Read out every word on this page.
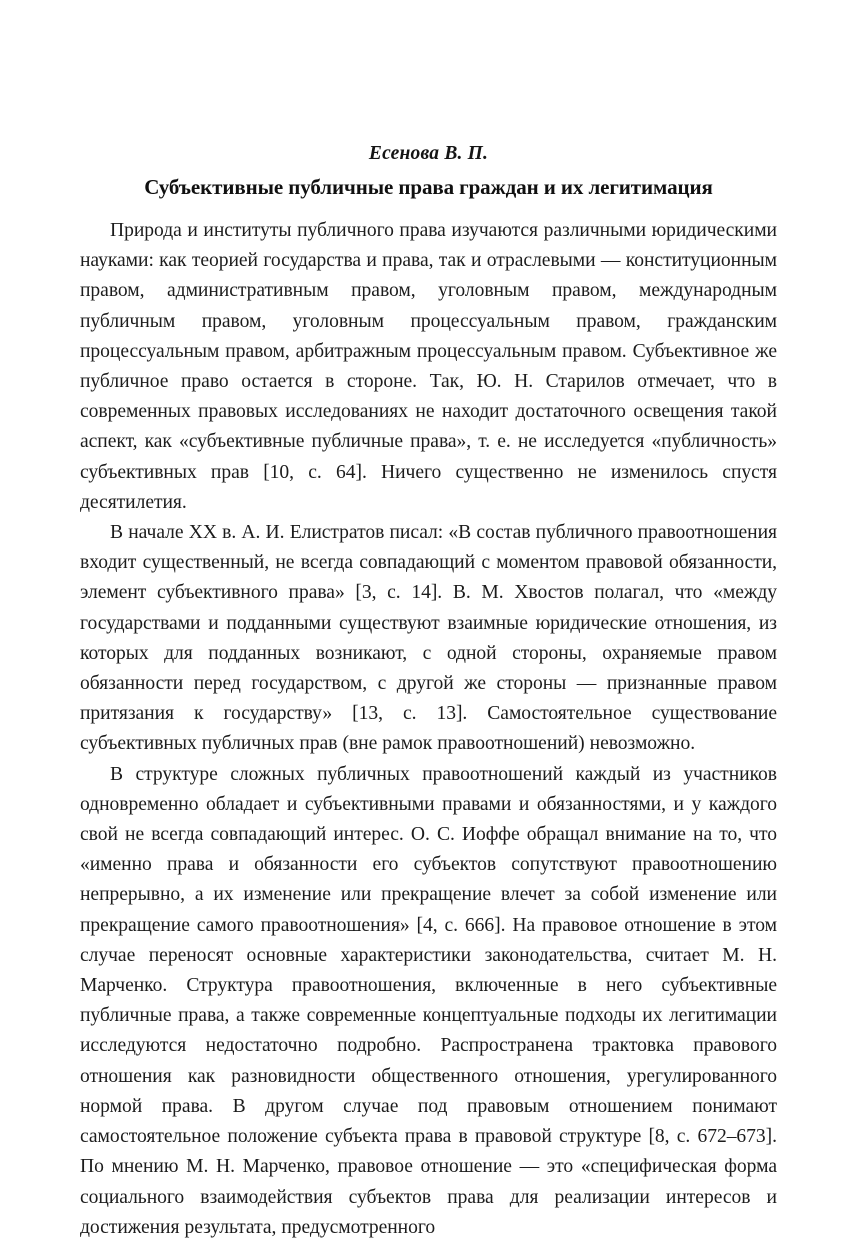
Есенова В. П.
Субъективные публичные права граждан и их легитимация

Природа и институты публичного права изучаются различными юридическими науками: как теорией государства и права, так и отраслевыми — конституционным правом, административным правом, уголовным правом, международным публичным правом, уголовным процессуальным правом, гражданским процессуальным правом, арбитражным процессуальным правом. Субъективное же публичное право остается в стороне. Так, Ю. Н. Старилов отмечает, что в современных правовых исследованиях не находит достаточного освещения такой аспект, как «субъективные публичные права», т. е. не исследуется «публичность» субъективных прав [10, с. 64]. Ничего существенно не изменилось спустя десятилетия.

В начале XX в. А. И. Елистратов писал: «В состав публичного правоотношения входит существенный, не всегда совпадающий с моментом правовой обязанности, элемент субъективного права» [3, с. 14]. В. М. Хвостов полагал, что «между государствами и подданными существуют взаимные юридические отношения, из которых для подданных возникают, с одной стороны, охраняемые правом обязанности перед государством, с другой же стороны — признанные правом притязания к государству» [13, с. 13]. Самостоятельное существование субъективных публичных прав (вне рамок правоотношений) невозможно.

В структуре сложных публичных правоотношений каждый из участников одновременно обладает и субъективными правами и обязанностями, и у каждого свой не всегда совпадающий интерес. О. С. Иоффе обращал внимание на то, что «именно права и обязанности его субъектов сопутствуют правоотношению непрерывно, а их изменение или прекращение влечет за собой изменение или прекращение самого правоотношения» [4, с. 666]. На правовое отношение в этом случае переносят основные характеристики законодательства, считает М. Н. Марченко. Структура правоотношения, включенные в него субъективные публичные права, а также современные концептуальные подходы их легитимации исследуются недостаточно подробно. Распространена трактовка правового отношения как разновидности общественного отношения, урегулированного нормой права. В другом случае под правовым отношением понимают самостоятельное положение субъекта права в правовой структуре [8, с. 672–673]. По мнению М. Н. Марченко, правовое отношение — это «специфическая форма социального взаимодействия субъектов права для реализации интересов и достижения результата, предусмотренного
